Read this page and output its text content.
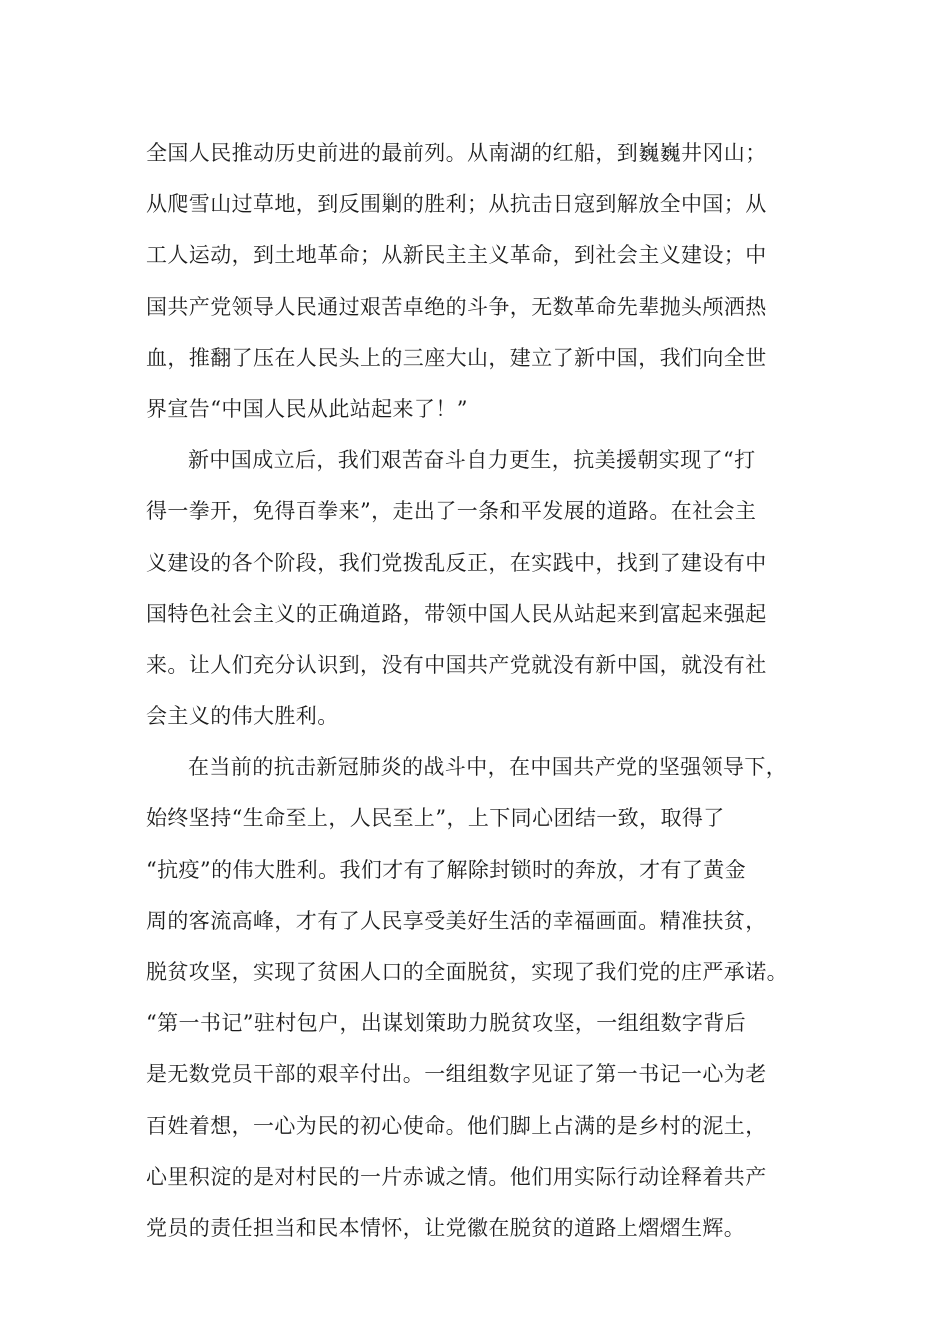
全国人民推动历史前进的最前列。从南湖的红船，到巍巍井冈山；
从爬雪山过草地，到反围剿的胜利；从抗击日寇到解放全中国；从
工人运动，到土地革命；从新民主主义革命，到社会主义建设；中
国共产党领导人民通过艰苦卓绝的斗争，无数革命先辈抛头颅洒热
血，推翻了压在人民头上的三座大山，建立了新中国，我们向全世
界宣告“中国人民从此站起来了！”
新中国成立后，我们艰苦奋斗自力更生，抗美援朝实现了“打
得一拳开，免得百拳来”，走出了一条和平发展的道路。在社会主
义建设的各个阶段，我们党拨乱反正，在实践中，找到了建设有中
国特色社会主义的正确道路，带领中国人民从站起来到富起来强起
来。让人们充分认识到，没有中国共产党就没有新中国，就没有社
会主义的伟大胜利。
在当前的抗击新冠肺炎的战斗中，在中国共产党的坚强领导下，
始终坚持“生命至上，人民至上”，上下同心团结一致，取得了
“抗疫”的伟大胜利。我们才有了解除封锁时的奔放，才有了黄金
周的客流高峰，才有了人民享受美好生活的幸福画面。精准扶贫，
脱贫攻坚，实现了贫困人口的全面脱贫，实现了我们党的庄严承诺。
“第一书记”驻村包户，出谋划策助力脱贫攻坚，一组组数字背后
是无数党员干部的艰辛付出。一组组数字见证了第一书记一心为老
百姓着想，一心为民的初心使命。他们脚上占满的是乡村的泥土，
心里积淀的是对村民的一片赤诚之情。他们用实际行动诠释着共产
党员的责任担当和民本情怀，让党徽在脱贫的道路上熠熠生辉。
